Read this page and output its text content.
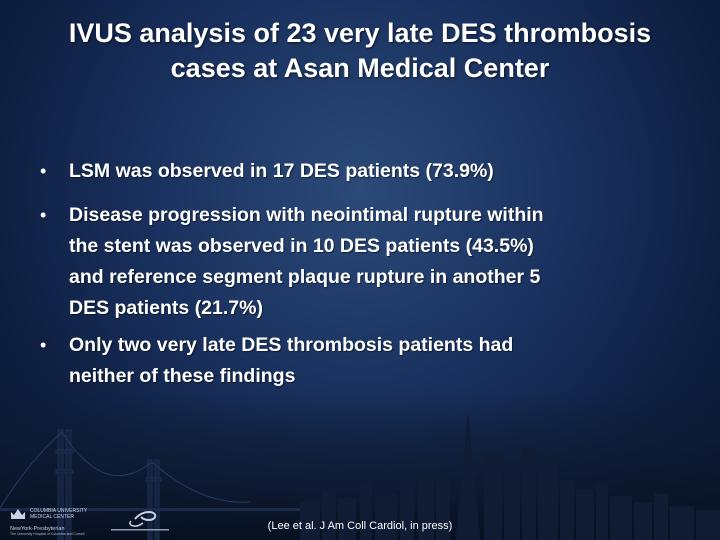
IVUS analysis of 23 very late DES thrombosis
cases at Asan Medical Center
• LSM was observed in 17 DES patients (73.9%)
• Disease progression with neointimal rupture within
the stent was observed in 10 DES patients (43.5%)
and reference segment plaque rupture in another 5
DES patients (21.7%)
• Only two very late DES thrombosis patients had
neither of these findings
COLUMBIA UNIVERSITY
MEDICAL CENTER
NewYork-Presbyterian
The University Hospital of Columbia and Cornell
(Lee et al. J Am Coll Cardiol, in press)
